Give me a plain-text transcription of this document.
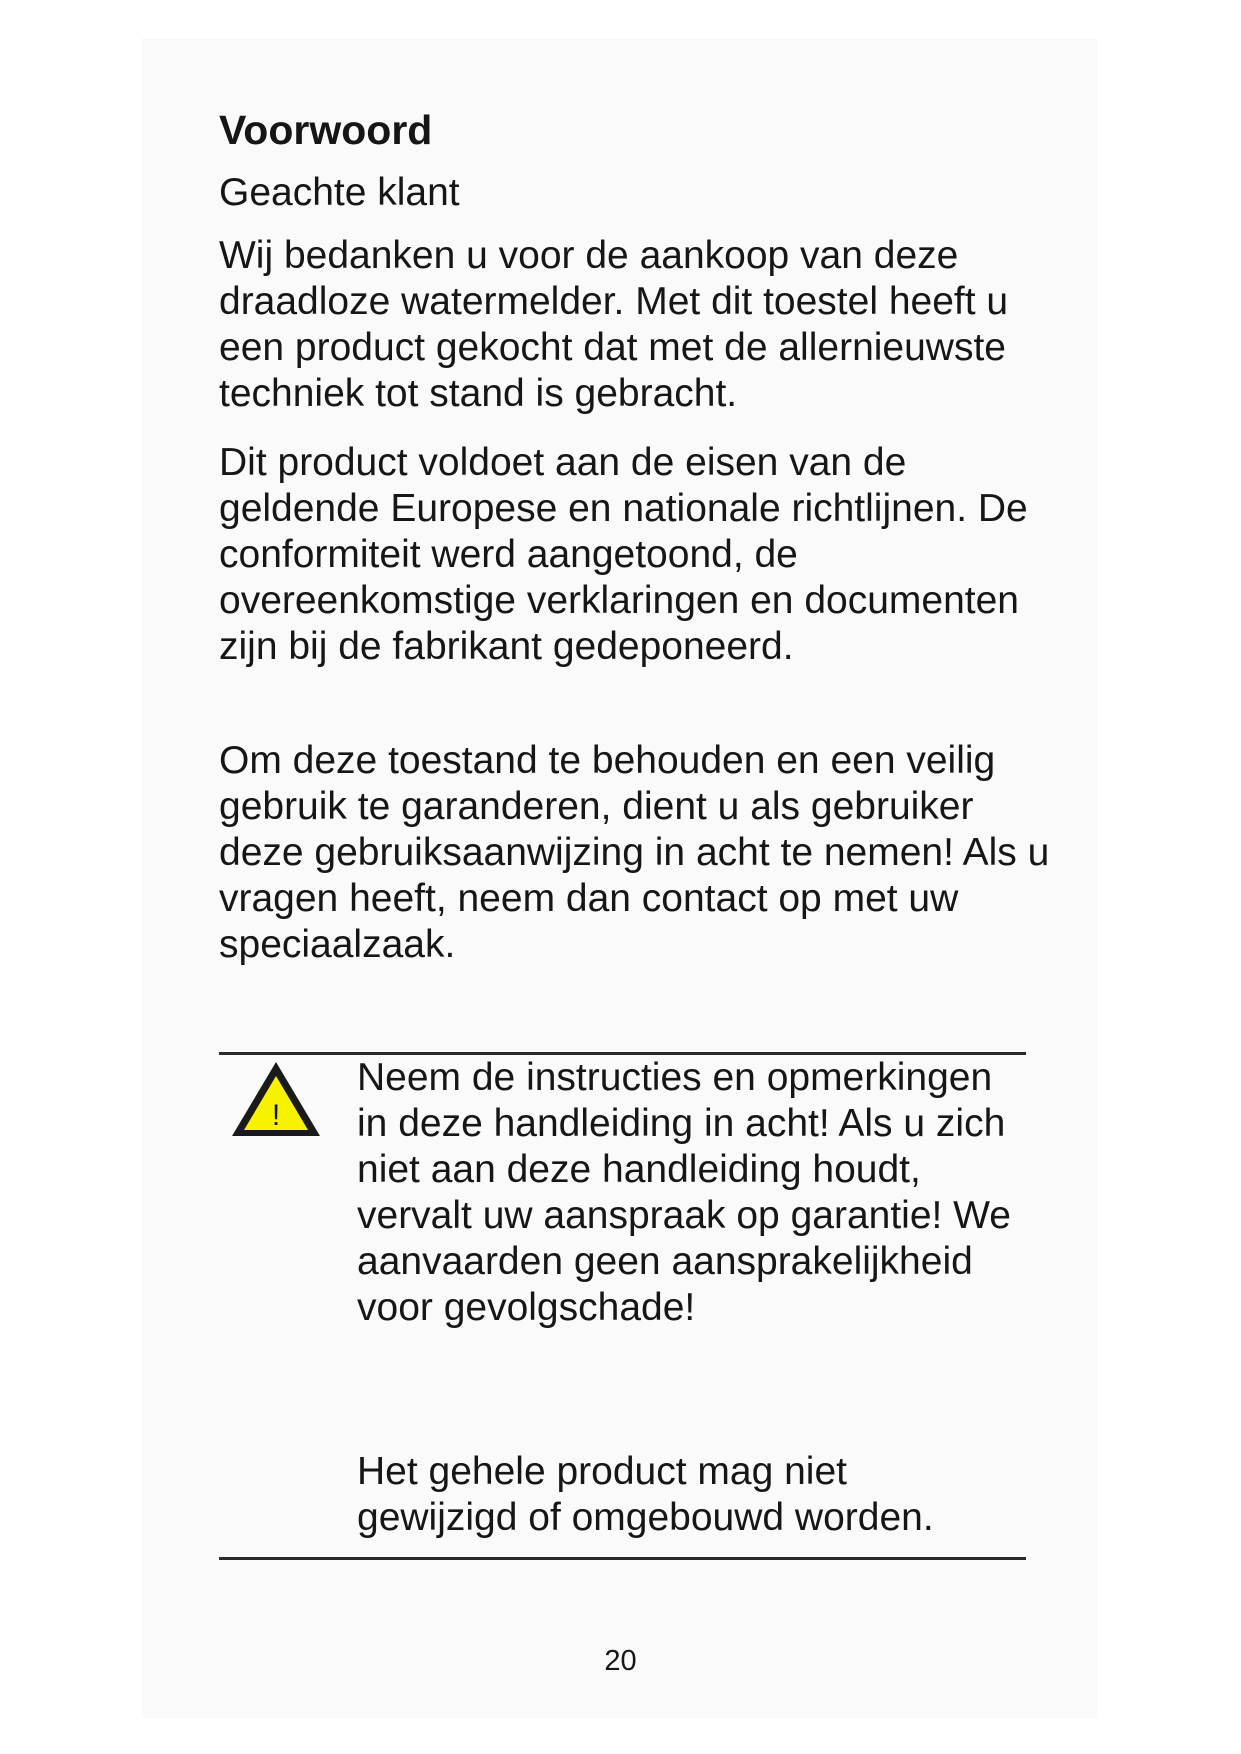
Voorwoord

Geachte klant

Wij bedanken u voor de aankoop van deze draadloze watermelder. Met dit toestel heeft u een product gekocht dat met de allernieuwste techniek tot stand is gebracht.

Dit product voldoet aan de eisen van de geldende Europese en nationale richtlijnen. De conformiteit werd aangetoond, de overeenkomstige verklaringen en documenten zijn bij de fabrikant gedeponeerd.

Om deze toestand te behouden en een veilig gebruik te garanderen, dient u als gebruiker deze gebruiksaanwijzing in acht te nemen! Als u vragen heeft, neem dan contact op met uw speciaalzaak.

!

Neem de instructies en opmerkingen in deze handleiding in acht! Als u zich niet aan deze handleiding houdt, vervalt uw aanspraak op garantie! We aanvaarden geen aansprakelijkheid voor gevolgschade!

Het gehele product mag niet gewijzigd of omgebouwd worden.

20
